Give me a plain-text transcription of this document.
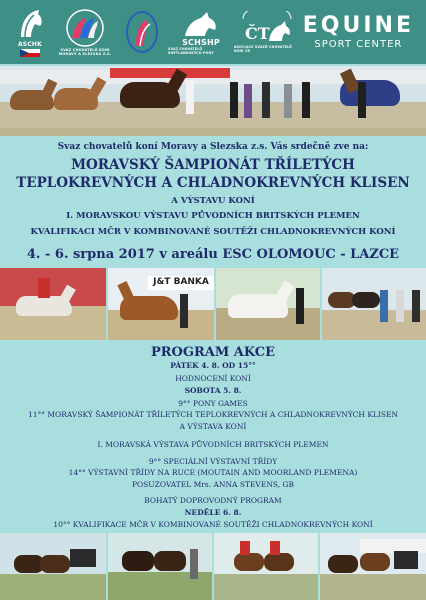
ASCHK
SVAZ CHOVATELŮ KONÍ MORAVY A SLEZSKA Z.S.
SCHSHP
SVAZ CHOVATELŮ SHETLANDSKÝCH PONY
ČT
ASOCIACE SVAZŮ CHOVATELŮ KONÍ ČR
EQUINE
SPORT CENTER
Svaz chovatelů koní Moravy a Slezska z.s. Vás srdečně zve na:
MORAVSKÝ ŠAMPIONÁT TŘÍLETÝCH
TEPLOKREVNÝCH A CHLADNOKREVNÝCH KLISEN
A VÝSTAVU KONÍ
I. MORAVSKOU VÝSTAVU PŮVODNÍCH BRITSKÝCH PLEMEN
KVALIFIKACI MČR V KOMBINOVANÉ SOUTĚŽI CHLADNOKREVNÝCH KONÍ
4. - 6. srpna 2017 v areálu ESC OLOMOUC - LAZCE
J&T BANKA
PROGRAM AKCE
PÁTEK 4. 8. OD 15°°
HODNOCENÍ KONÍ
SOBOTA 5. 8.
9°° PONY GAMES
11°° MORAVSKÝ ŠAMPIONÁT TŘÍLETÝCH TEPLOKREVNÝCH A CHLADNOKREVNÝCH KLISEN
A VÝSTAVA KONÍ
I. MORAVSKÁ VÝSTAVA PŮVODNÍCH BRITSKÝCH PLEMEN
9°° SPECIÁLNÍ VÝSTAVNÍ TŘÍDY
14°° VÝSTAVNÍ TŘÍDY NA RUCE (MOUTAIN AND MOORLAND PLEMENA)
POSUZOVATEL Mrs. ANNA STEVENS, GB
BOHATÝ DOPROVODNÝ PROGRAM
NEDĚLE 6. 8.
10°° KVALIFIKACE MČR V KOMBINOVANÉ SOUTĚŽI CHLADNOKREVNÝCH KONÍ
